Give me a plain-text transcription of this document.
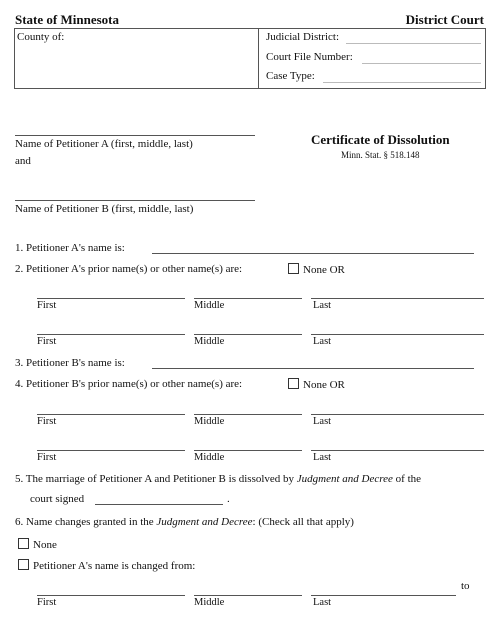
State of Minnesota	District Court
County of:	Judicial District:
Court File Number:
Case Type:
Name of Petitioner A (first, middle, last)
and
Name of Petitioner B (first, middle, last)
Certificate of Dissolution
Minn. Stat. § 518.148
1. Petitioner A's name is:
2. Petitioner A's prior name(s) or other name(s) are:	None OR
First	Middle	Last
First	Middle	Last
3. Petitioner B's name is:
4. Petitioner B's prior name(s) or other name(s) are:	None OR
First	Middle	Last
First	Middle	Last
5. The marriage of Petitioner A and Petitioner B is dissolved by Judgment and Decree of the
court signed	.
6. Name changes granted in the Judgment and Decree: (Check all that apply)
None
Petitioner A's name is changed from:
to
First	Middle	Last
